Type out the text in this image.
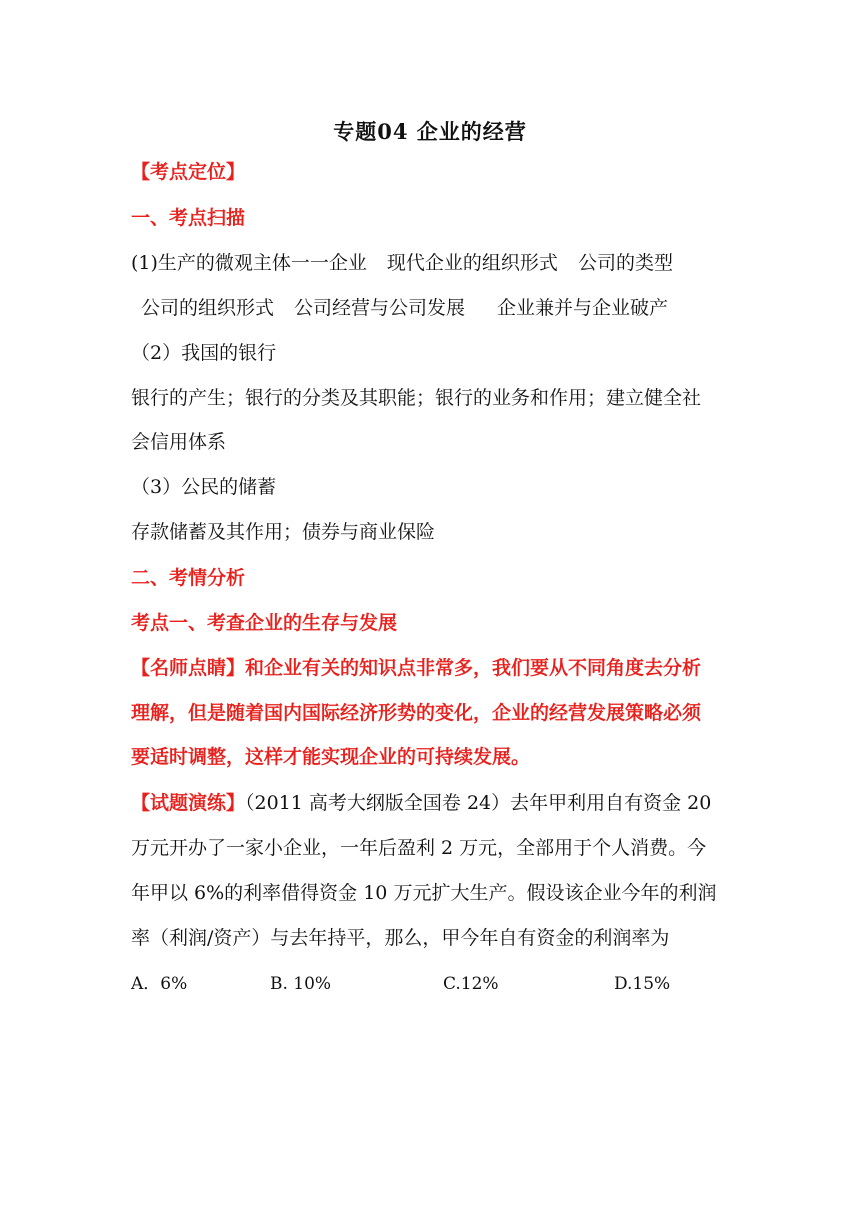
专题04 企业的经营
【考点定位】
一、考点扫描
(1)生产的微观主体一一企业 现代企业的组织形式 公司的类型
公司的组织形式 公司经营与公司发展 企业兼并与企业破产
（2）我国的银行
银行的产生；银行的分类及其职能；银行的业务和作用；建立健全社
会信用体系
（3）公民的储蓄
存款储蓄及其作用；债券与商业保险
二、考情分析
考点一、考查企业的生存与发展
【名师点睛】和企业有关的知识点非常多，我们要从不同角度去分析
理解，但是随着国内国际经济形势的变化，企业的经营发展策略必须
要适时调整，这样才能实现企业的可持续发展。
【试题演练】（2011 高考大纲版全国卷 24）去年甲利用自有资金 20
万元开办了一家小企业，一年后盈利 2 万元，全部用于个人消费。今
年甲以 6%的利率借得资金 10 万元扩大生产。假设该企业今年的利润
率（利润/资产）与去年持平，那么，甲今年自有资金的利润率为
A．6%	B. 10%	C.12%	D.15%
